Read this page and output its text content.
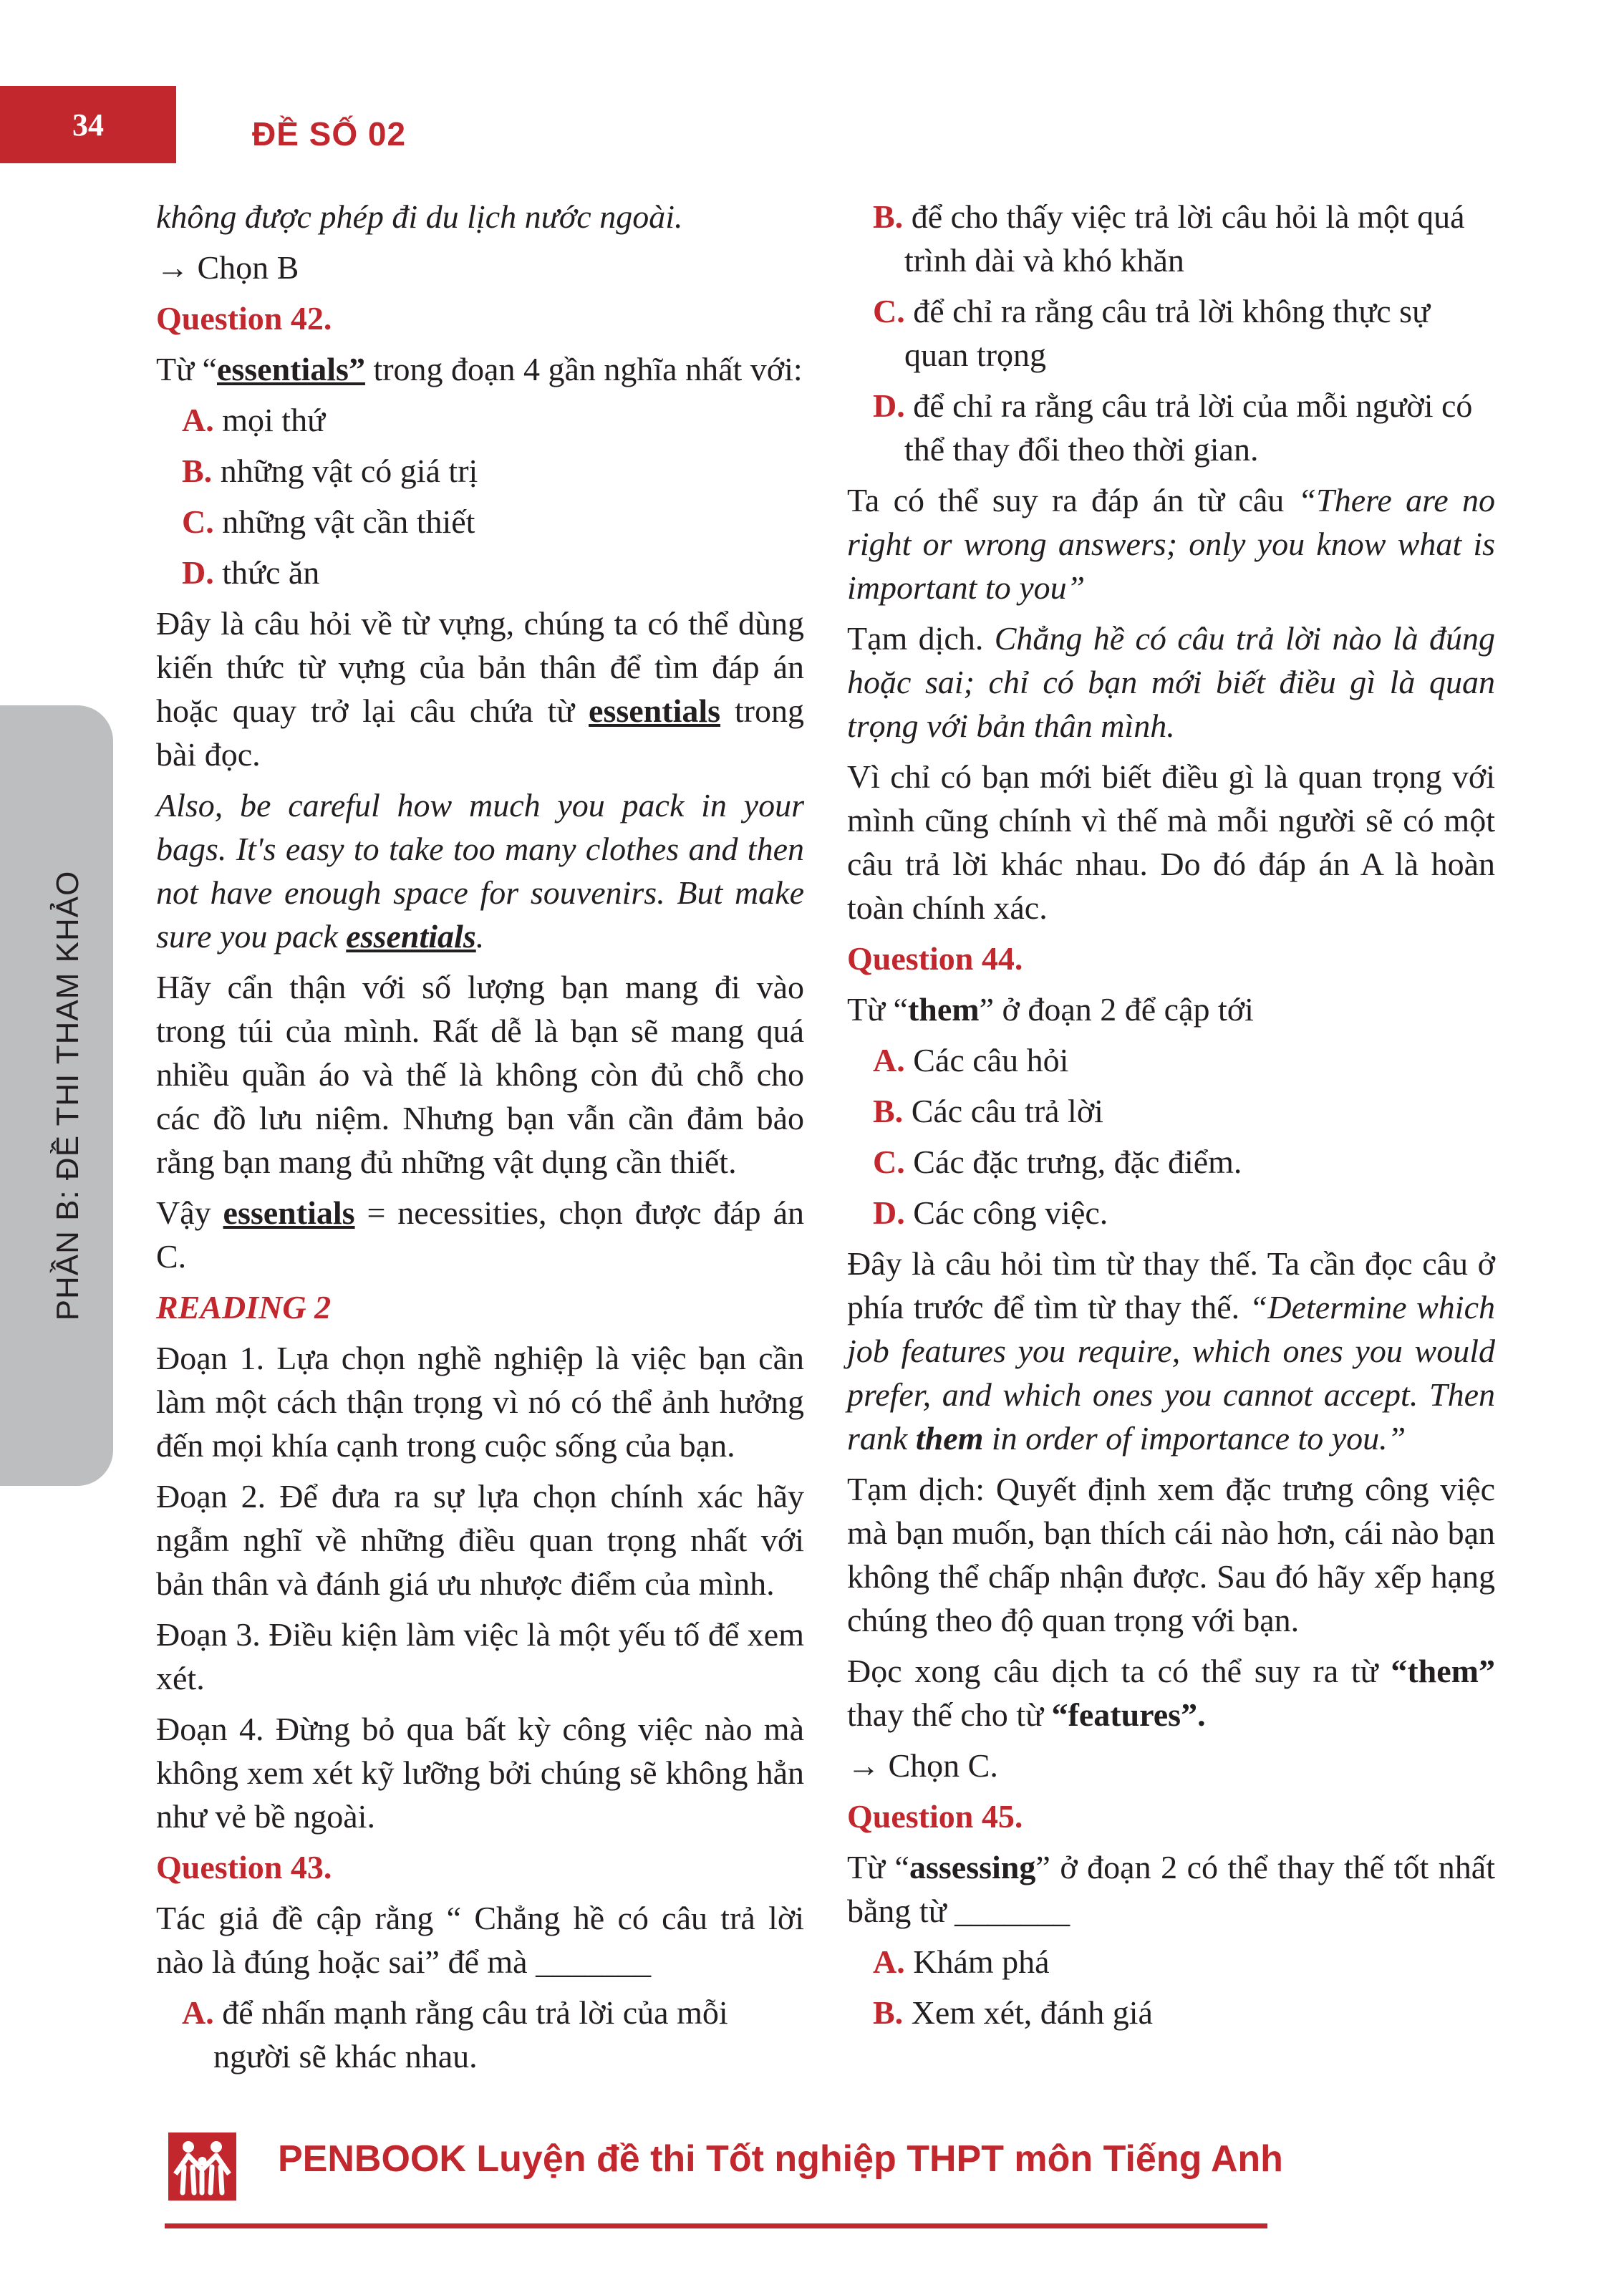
34	ĐỀ SỐ 02
PHẦN B: ĐỀ THI THAM KHẢO

không được phép đi du lịch nước ngoài.

→ Chọn B

Question 42.

Từ “essentials” trong đoạn 4 gần nghĩa nhất với:

A. mọi thứ
B. những vật có giá trị
C. những vật cần thiết
D. thức ăn

Đây là câu hỏi về từ vựng, chúng ta có thể dùng kiến thức từ vựng của bản thân để tìm đáp án hoặc quay trở lại câu chứa từ essentials trong bài đọc.

Also, be careful how much you pack in your bags. It's easy to take too many clothes and then not have enough space for souvenirs. But make sure you pack essentials.

Hãy cẩn thận với số lượng bạn mang đi vào trong túi của mình. Rất dễ là bạn sẽ mang quá nhiều quần áo và thế là không còn đủ chỗ cho các đồ lưu niệm. Nhưng bạn vẫn cần đảm bảo rằng bạn mang đủ những vật dụng cần thiết.

Vậy essentials = necessities, chọn được đáp án C.

READING 2

Đoạn 1. Lựa chọn nghề nghiệp là việc bạn cần làm một cách thận trọng vì nó có thể ảnh hưởng đến mọi khía cạnh trong cuộc sống của bạn.

Đoạn 2. Để đưa ra sự lựa chọn chính xác hãy ngẫm nghĩ về những điều quan trọng nhất với bản thân và đánh giá ưu nhược điểm của mình.

Đoạn 3. Điều kiện làm việc là một yếu tố để xem xét.

Đoạn 4. Đừng bỏ qua bất kỳ công việc nào mà không xem xét kỹ lưỡng bởi chúng sẽ không hẳn như vẻ bề ngoài.

Question 43.

Tác giả đề cập rằng “ Chẳng hề có câu trả lời nào là đúng hoặc sai” để mà _______

A. để nhấn mạnh rằng câu trả lời của mỗi người sẽ khác nhau.
B. để cho thấy việc trả lời câu hỏi là một quá trình dài và khó khăn
C. để chỉ ra rằng câu trả lời không thực sự quan trọng
D. để chỉ ra rằng câu trả lời của mỗi người có thể thay đổi theo thời gian.

Ta có thể suy ra đáp án từ câu “There are no right or wrong answers; only you know what is important to you”

Tạm dịch. Chẳng hề có câu trả lời nào là đúng hoặc sai; chỉ có bạn mới biết điều gì là quan trọng với bản thân mình.

Vì chỉ có bạn mới biết điều gì là quan trọng với mình cũng chính vì thế mà mỗi người sẽ có một câu trả lời khác nhau. Do đó đáp án A là hoàn toàn chính xác.

Question 44.

Từ “them” ở đoạn 2 để cập tới

A. Các câu hỏi
B. Các câu trả lời
C. Các đặc trưng, đặc điểm.
D. Các công việc.

Đây là câu hỏi tìm từ thay thế. Ta cần đọc câu ở phía trước để tìm từ thay thế. “Determine which job features you require, which ones you would prefer, and which ones you cannot accept. Then rank them in order of importance to you.”

Tạm dịch: Quyết định xem đặc trưng công việc mà bạn muốn, bạn thích cái nào hơn, cái nào bạn không thể chấp nhận được. Sau đó hãy xếp hạng chúng theo độ quan trọng với bạn.

Đọc xong câu dịch ta có thể suy ra từ “them” thay thế cho từ “features”.

→ Chọn C.

Question 45.

Từ “assessing” ở đoạn 2 có thể thay thế tốt nhất bằng từ _______

A. Khám phá
B. Xem xét, đánh giá
PENBOOK Luyện đề thi Tốt nghiệp THPT môn Tiếng Anh
